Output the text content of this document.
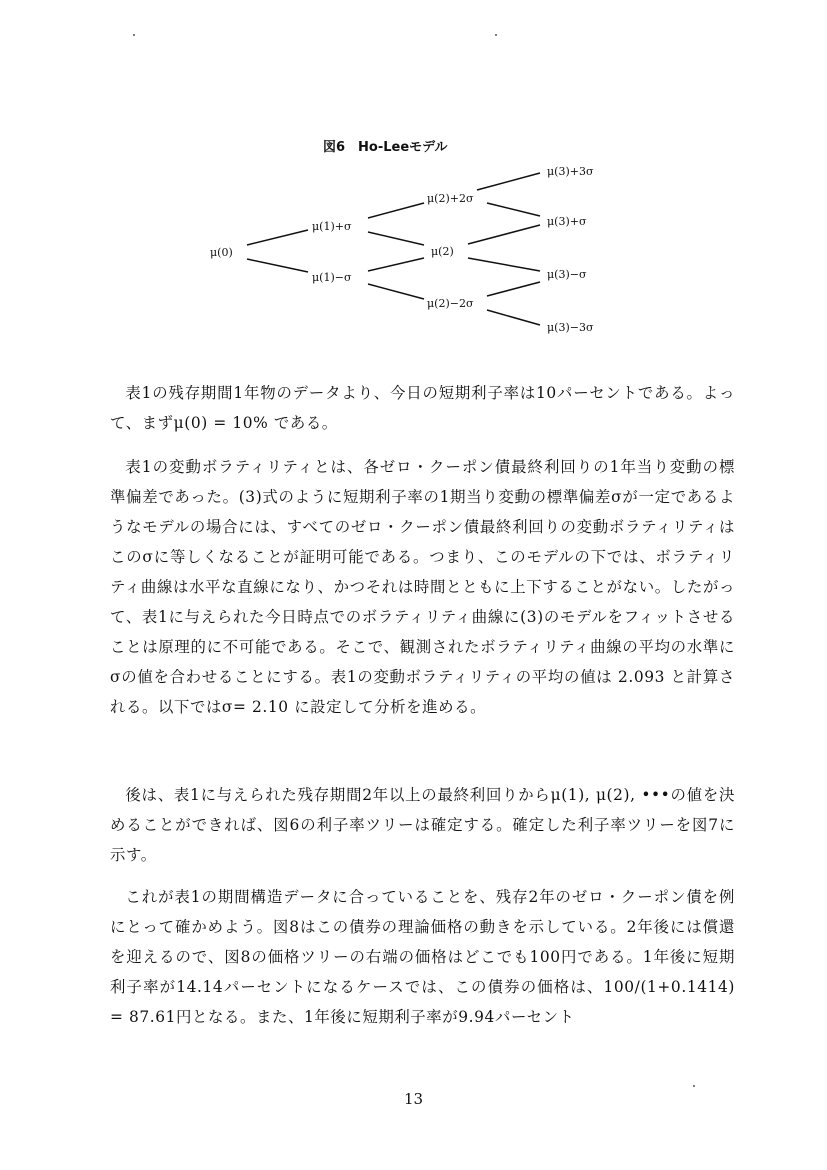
図6　Ho-Leeモデル
μ(0)
μ(1)+σ
μ(1)−σ
μ(2)+2σ
μ(2)
μ(2)−2σ
μ(3)+3σ
μ(3)+σ
μ(3)−σ
μ(3)−3σ

表1の残存期間1年物のデータより、今日の短期利子率は10パーセントである。よって、まずμ(0) = 10% である。

表1の変動ボラティリティとは、各ゼロ・クーポン債最終利回りの1年当り変動の標準偏差であった。(3)式のように短期利子率の1期当り変動の標準偏差σが一定であるようなモデルの場合には、すべてのゼロ・クーポン債最終利回りの変動ボラティリティはこのσに等しくなることが証明可能である。つまり、このモデルの下では、ボラティリティ曲線は水平な直線になり、かつそれは時間とともに上下することがない。したがって、表1に与えられた今日時点でのボラティリティ曲線に(3)のモデルをフィットさせることは原理的に不可能である。そこで、観測されたボラティリティ曲線の平均の水準にσの値を合わせることにする。表1の変動ボラティリティの平均の値は 2.093 と計算される。以下ではσ= 2.10 に設定して分析を進める。

後は、表1に与えられた残存期間2年以上の最終利回りからμ(1), μ(2), •••の値を決めることができれば、図6の利子率ツリーは確定する。確定した利子率ツリーを図7に示す。

これが表1の期間構造データに合っていることを、残存2年のゼロ・クーポン債を例にとって確かめよう。図8はこの債券の理論価格の動きを示している。2年後には償還を迎えるので、図8の価格ツリーの右端の価格はどこでも100円である。1年後に短期利子率が14.14パーセントになるケースでは、この債券の価格は、100/(1+0.1414) = 87.61円となる。また、1年後に短期利子率が9.94パーセント

13
